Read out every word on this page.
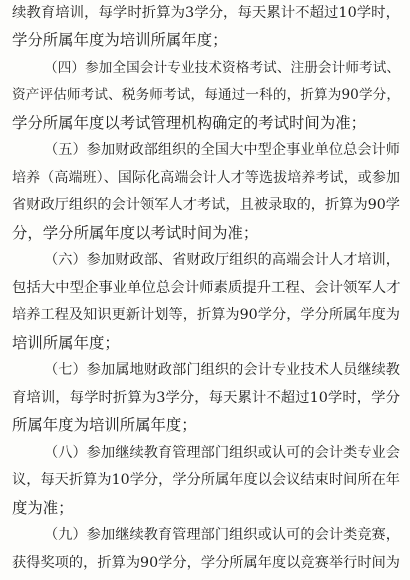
续教育培训，每学时折算为3学分，每天累计不超过10学时，
学分所属年度为培训所属年度；
（四）参加全国会计专业技术资格考试、注册会计师考试、
资产评估师考试、税务师考试，每通过一科的，折算为90学分，
学分所属年度以考试管理机构确定的考试时间为准；
（五）参加财政部组织的全国大中型企事业单位总会计师
培养（高端班）、国际化高端会计人才等选拔培养考试，或参加
省财政厅组织的会计领军人才考试，且被录取的，折算为90学
分，学分所属年度以考试时间为准；
（六）参加财政部、省财政厅组织的高端会计人才培训，
包括大中型企事业单位总会计师素质提升工程、会计领军人才
培养工程及知识更新计划等，折算为90学分，学分所属年度为
培训所属年度；
（七）参加属地财政部门组织的会计专业技术人员继续教
育培训，每学时折算为3学分，每天累计不超过10学时，学分
所属年度为培训所属年度；
（八）参加继续教育管理部门组织或认可的会计类专业会
议，每天折算为10学分，学分所属年度以会议结束时间所在年
度为准；
（九）参加继续教育管理部门组织或认可的会计类竞赛，
获得奖项的，折算为90学分，学分所属年度以竞赛举行时间为
